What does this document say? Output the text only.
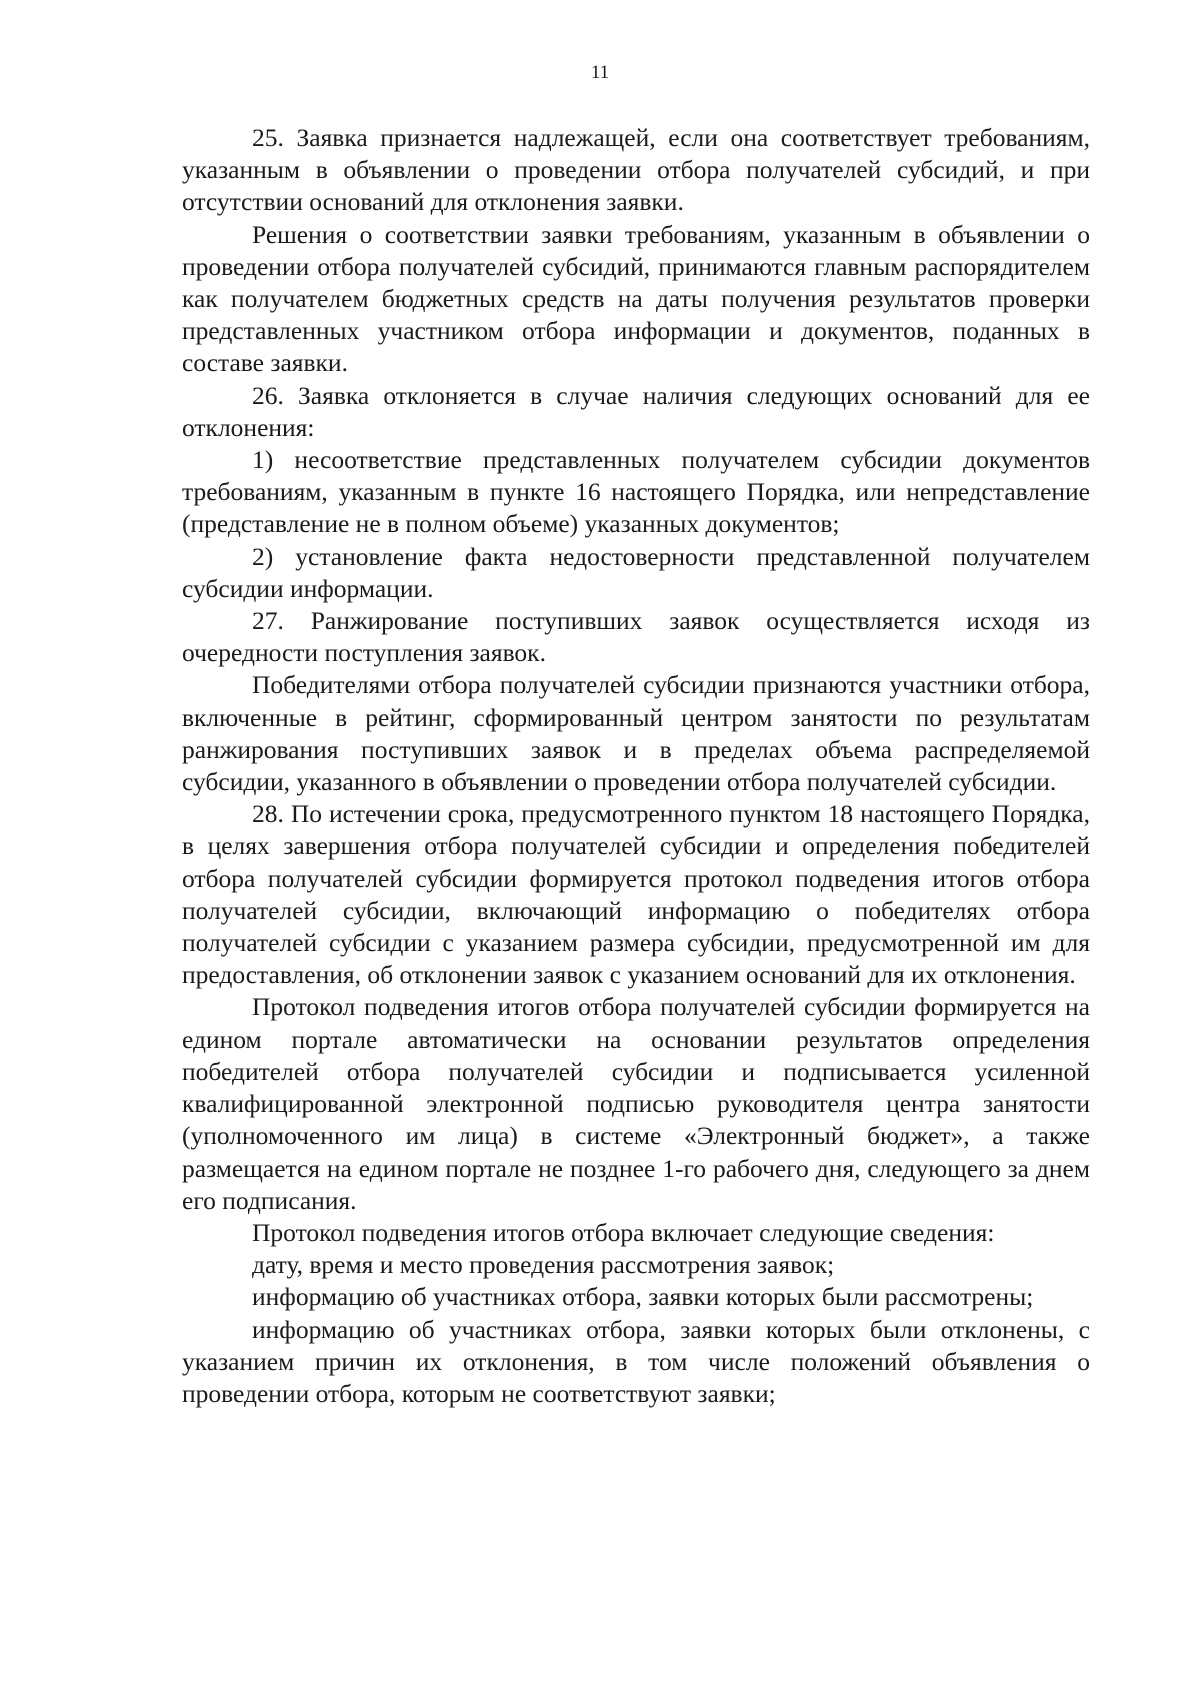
11

25. Заявка признается надлежащей, если она соответствует требованиям, указанным в объявлении о проведении отбора получателей субсидий, и при отсутствии оснований для отклонения заявки.

Решения о соответствии заявки требованиям, указанным в объявлении о проведении отбора получателей субсидий, принимаются главным распорядителем как получателем бюджетных средств на даты получения результатов проверки представленных участником отбора информации и документов, поданных в составе заявки.

26. Заявка отклоняется в случае наличия следующих оснований для ее отклонения:

1) несоответствие представленных получателем субсидии документов требованиям, указанным в пункте 16 настоящего Порядка, или непредставление (представление не в полном объеме) указанных документов;

2) установление факта недостоверности представленной получателем субсидии информации.

27. Ранжирование поступивших заявок осуществляется исходя из очередности поступления заявок.

Победителями отбора получателей субсидии признаются участники отбора, включенные в рейтинг, сформированный центром занятости по результатам ранжирования поступивших заявок и в пределах объема распределяемой субсидии, указанного в объявлении о проведении отбора получателей субсидии.

28. По истечении срока, предусмотренного пунктом 18 настоящего Порядка, в целях завершения отбора получателей субсидии и определения победителей отбора получателей субсидии формируется протокол подведения итогов отбора получателей субсидии, включающий информацию о победителях отбора получателей субсидии с указанием размера субсидии, предусмотренной им для предоставления, об отклонении заявок с указанием оснований для их отклонения.

Протокол подведения итогов отбора получателей субсидии формируется на едином портале автоматически на основании результатов определения победителей отбора получателей субсидии и подписывается усиленной квалифицированной электронной подписью руководителя центра занятости (уполномоченного им лица) в системе «Электронный бюджет», а также размещается на едином портале не позднее 1-го рабочего дня, следующего за днем его подписания.

Протокол подведения итогов отбора включает следующие сведения:

дату, время и место проведения рассмотрения заявок;

информацию об участниках отбора, заявки которых были рассмотрены;

информацию об участниках отбора, заявки которых были отклонены, с указанием причин их отклонения, в том числе положений объявления о проведении отбора, которым не соответствуют заявки;
